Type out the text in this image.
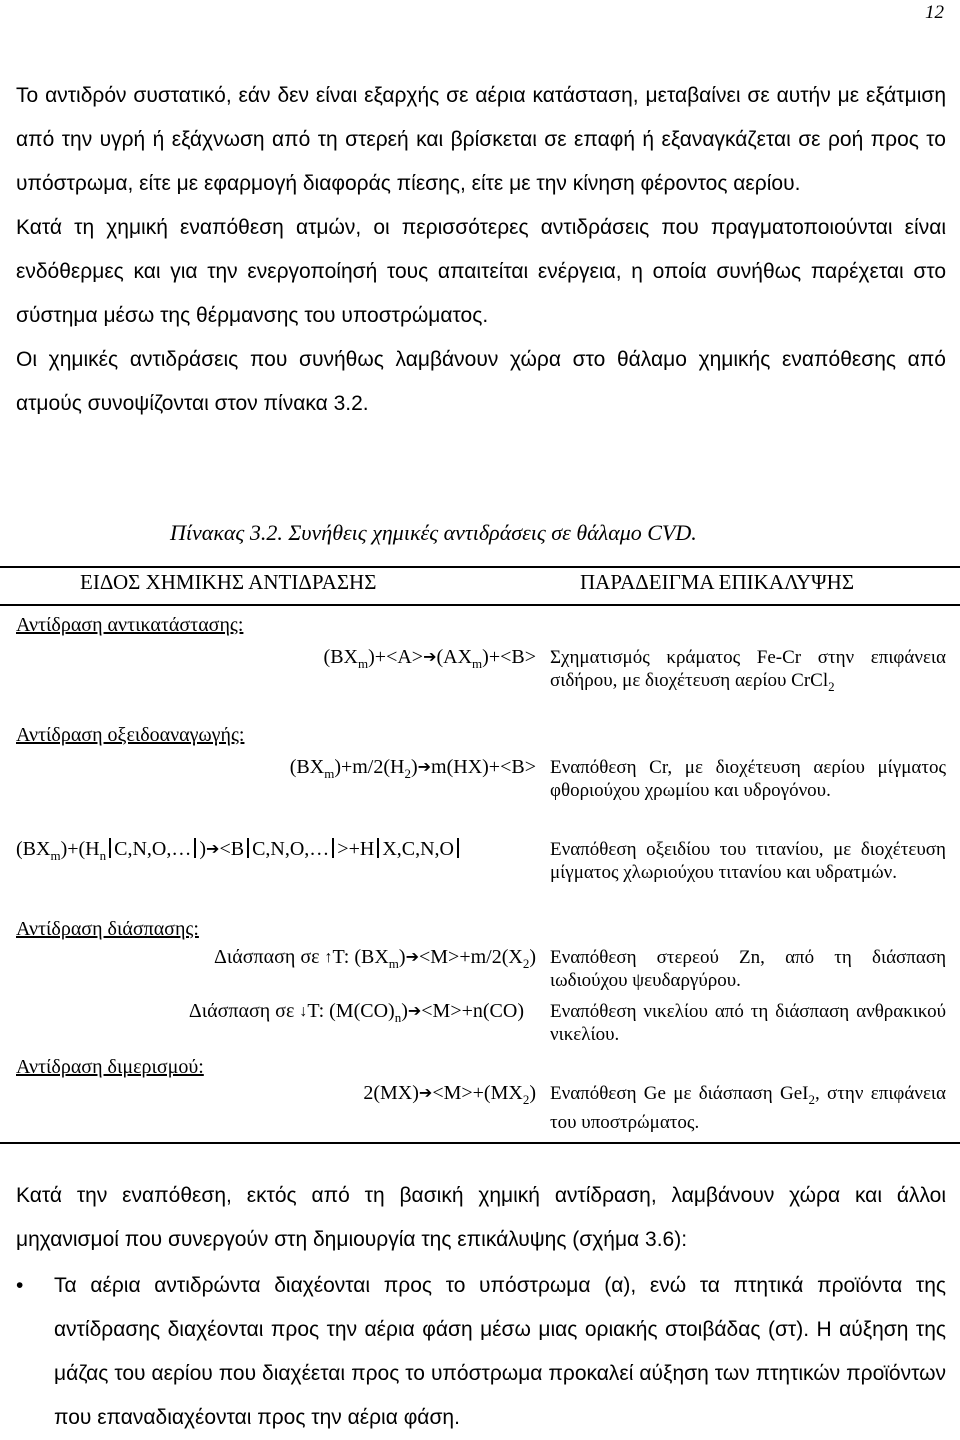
12

Το αντιδρόν συστατικό, εάν δεν είναι εξαρχής σε αέρια κατάσταση, μεταβαίνει σε αυτήν με εξάτμιση από την υγρή ή εξάχνωση από τη στερεή και βρίσκεται σε επαφή ή εξαναγκάζεται σε ροή προς το υπόστρωμα, είτε με εφαρμογή διαφοράς πίεσης, είτε με την κίνηση φέροντος αερίου.

Κατά τη χημική εναπόθεση ατμών, οι περισσότερες αντιδράσεις που πραγματοποιούνται είναι ενδόθερμες και για την ενεργοποίησή τους απαιτείται ενέργεια, η οποία συνήθως παρέχεται στο σύστημα μέσω της θέρμανσης του υποστρώματος.

Οι χημικές αντιδράσεις που συνήθως λαμβάνουν χώρα στο θάλαμο χημικής εναπόθεσης από ατμούς συνοψίζονται στον πίνακα 3.2.

Πίνακας 3.2. Συνήθεις χημικές αντιδράσεις σε θάλαμο CVD.
ΕΙΔΟΣ ΧΗΜΙΚΗΣ ΑΝΤΙΔΡΑΣΗΣ	ΠΑΡΑΔΕΙΓΜΑ ΕΠΙΚΑΛΥΨΗΣ
Αντίδραση αντικατάστασης:
$(BX_m)+<A>➔(AX_m)+<B> \Sigma\chi\eta\mu\alpha\tau\iota\sigma\mu ό\varsigma$ κράματος Fe-Cr στην επιφάνεια σιδήρου, με διοχέτευση αερίου CrCl$_2$
Αντίδραση οξειδοαναγωγής:
$(BX_m)+m/2(H_2)➔m(HX)+<B> E\nu\alpha\pi ό\theta\varepsilon\sigma\eta$ Cr, με διοχέτευση αερίου μίγματος φθοριούχου χρωμίου και υδρογόνου.
$(BX_m)+(H_n$ C,N,O,… )➔<B C,N,O,… >+H X,C,N,O	Εναπόθεση οξειδίου του τιτανίου, με διοχέτευση μίγματος χλωριούχου τιτανίου και υδρατμών.
Αντίδραση διάσπασης:
Διάσπαση σε ↑T: $(BX_m)➔<M>+m/2(X_2)$ Εναπόθεση στερεού Zn, από τη διάσπαση ιωδιούχου ψευδαργύρου.
Διάσπαση σε ↓T: $(M(CO)_n)➔<M>+n(CO)$ Εναπόθεση νικελίου από τη διάσπαση ανθρακικού νικελίου.
Αντίδραση διμερισμού:
$2(MX)➔<M>+(MX_2)$ Εναπόθεση Ge με διάσπαση GeI$_2$, στην επιφάνεια του υποστρώματος.

Κατά την εναπόθεση, εκτός από τη βασική χημική αντίδραση, λαμβάνουν χώρα και άλλοι μηχανισμοί που συνεργούν στη δημιουργία της επικάλυψης (σχήμα 3.6):

• Τα αέρια αντιδρώντα διαχέονται προς το υπόστρωμα (α), ενώ τα πτητικά προϊόντα της αντίδρασης διαχέονται προς την αέρια φάση μέσω μιας οριακής στοιβάδας (στ). Η αύξηση της μάζας του αερίου που διαχέεται προς το υπόστρωμα προκαλεί αύξηση των πτητικών προϊόντων που επαναδιαχέονται προς την αέρια φάση.
